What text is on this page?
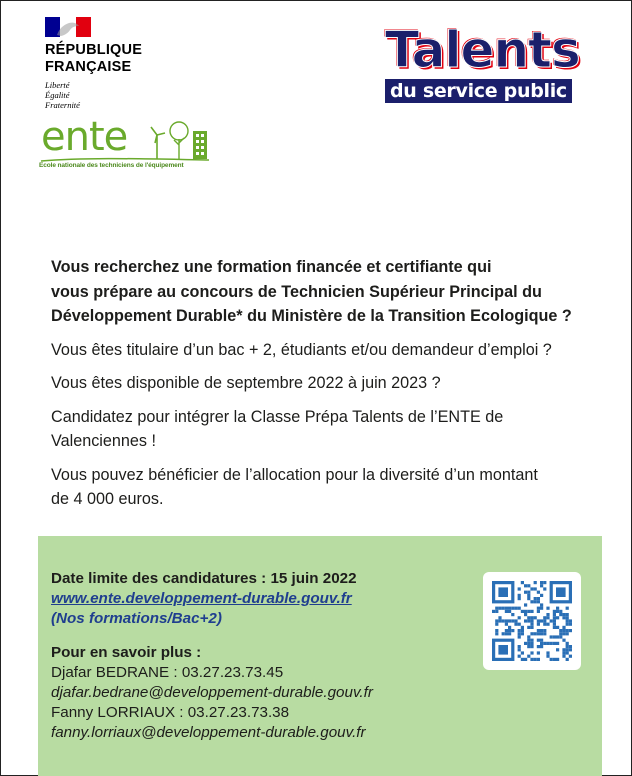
RÉPUBLIQUE
FRANÇAISE
Liberté
Égalité
Fraternité
Talents
du service public
ente
Ecole nationale des techniciens de l'équipement
Vous recherchez une formation financée et certifiante qui
vous prépare au concours de Technicien Supérieur Principal du
Développement Durable* du Ministère de la Transition Ecologique ?
Vous êtes titulaire d’un bac + 2, étudiants et/ou demandeur d’emploi ?
Vous êtes disponible de septembre 2022 à juin 2023 ?
Candidatez pour intégrer la Classe Prépa Talents de l’ENTE de
Valenciennes !
Vous pouvez bénéficier de l’allocation pour la diversité d’un montant
de 4 000 euros.
Date limite des candidatures : 15 juin 2022
www.ente.developpement-durable.gouv.fr
(Nos formations/Bac+2)
Pour en savoir plus :
Djafar BEDRANE : 03.27.23.73.45
djafar.bedrane@developpement-durable.gouv.fr
Fanny LORRIAUX : 03.27.23.73.38
fanny.lorriaux@developpement-durable.gouv.fr
